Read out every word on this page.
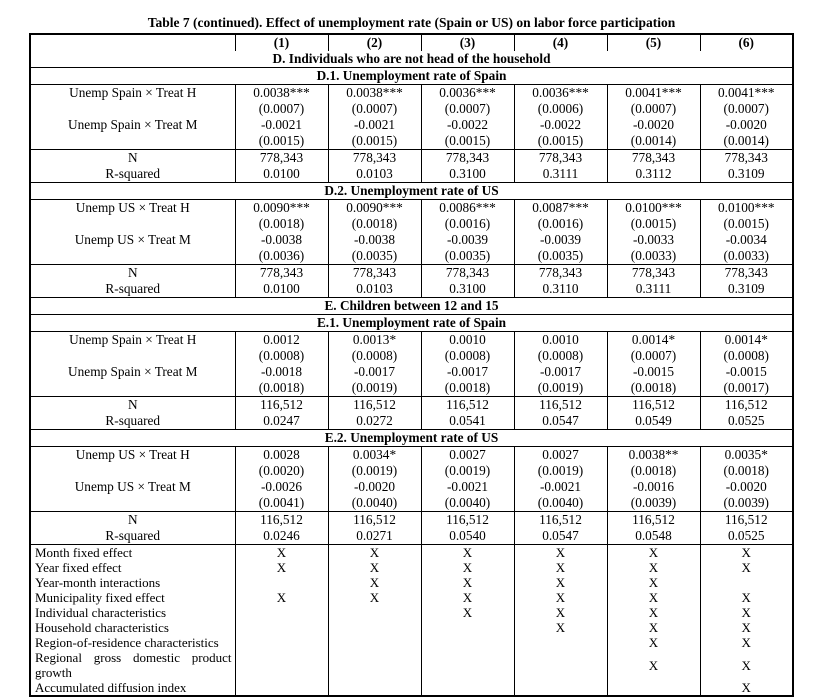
Table 7 (continued). Effect of unemployment rate (Spain or US) on labor force participation
	(1)	(2)	(3)	(4)	(5)	(6)
D. Individuals who are not head of the household						
D.1. Unemployment rate of Spain						
Unemp Spain × Treat H	0.0038***	0.0038***	0.0036***	0.0036***	0.0041***	0.0041***
	(0.0007)	(0.0007)	(0.0007)	(0.0006)	(0.0007)	(0.0007)
Unemp Spain × Treat M	-0.0021	-0.0021	-0.0022	-0.0022	-0.0020	-0.0020
	(0.0015)	(0.0015)	(0.0015)	(0.0015)	(0.0014)	(0.0014)
N	778,343	778,343	778,343	778,343	778,343	778,343
R-squared	0.0100	0.0103	0.3100	0.3111	0.3112	0.3109
D.2. Unemployment rate of US						
Unemp US × Treat H	0.0090***	0.0090***	0.0086***	0.0087***	0.0100***	0.0100***
	(0.0018)	(0.0018)	(0.0016)	(0.0016)	(0.0015)	(0.0015)
Unemp US × Treat M	-0.0038	-0.0038	-0.0039	-0.0039	-0.0033	-0.0034
	(0.0036)	(0.0035)	(0.0035)	(0.0035)	(0.0033)	(0.0033)
N	778,343	778,343	778,343	778,343	778,343	778,343
R-squared	0.0100	0.0103	0.3100	0.3110	0.3111	0.3109
E. Children between 12 and 15						
E.1. Unemployment rate of Spain						
Unemp Spain × Treat H	0.0012	0.0013*	0.0010	0.0010	0.0014*	0.0014*
	(0.0008)	(0.0008)	(0.0008)	(0.0008)	(0.0007)	(0.0008)
Unemp Spain × Treat M	-0.0018	-0.0017	-0.0017	-0.0017	-0.0015	-0.0015
	(0.0018)	(0.0019)	(0.0018)	(0.0019)	(0.0018)	(0.0017)
N	116,512	116,512	116,512	116,512	116,512	116,512
R-squared	0.0247	0.0272	0.0541	0.0547	0.0549	0.0525
E.2. Unemployment rate of US						
Unemp US × Treat H	0.0028	0.0034*	0.0027	0.0027	0.0038**	0.0035*
	(0.0020)	(0.0019)	(0.0019)	(0.0019)	(0.0018)	(0.0018)
Unemp US × Treat M	-0.0026	-0.0020	-0.0021	-0.0021	-0.0016	-0.0020
	(0.0041)	(0.0040)	(0.0040)	(0.0040)	(0.0039)	(0.0039)
N	116,512	116,512	116,512	116,512	116,512	116,512
R-squared	0.0246	0.0271	0.0540	0.0547	0.0548	0.0525
Month fixed effect	X	X	X	X	X	X
Year fixed effect	X	X	X	X	X	X
Year-month interactions		X	X	X	X	
Municipality fixed effect	X	X	X	X	X	X
Individual characteristics			X	X	X	X
Household characteristics				X	X	X
Region-of-residence characteristics					X	X
Regional gross domestic product growth					X	X
Accumulated diffusion index						X
